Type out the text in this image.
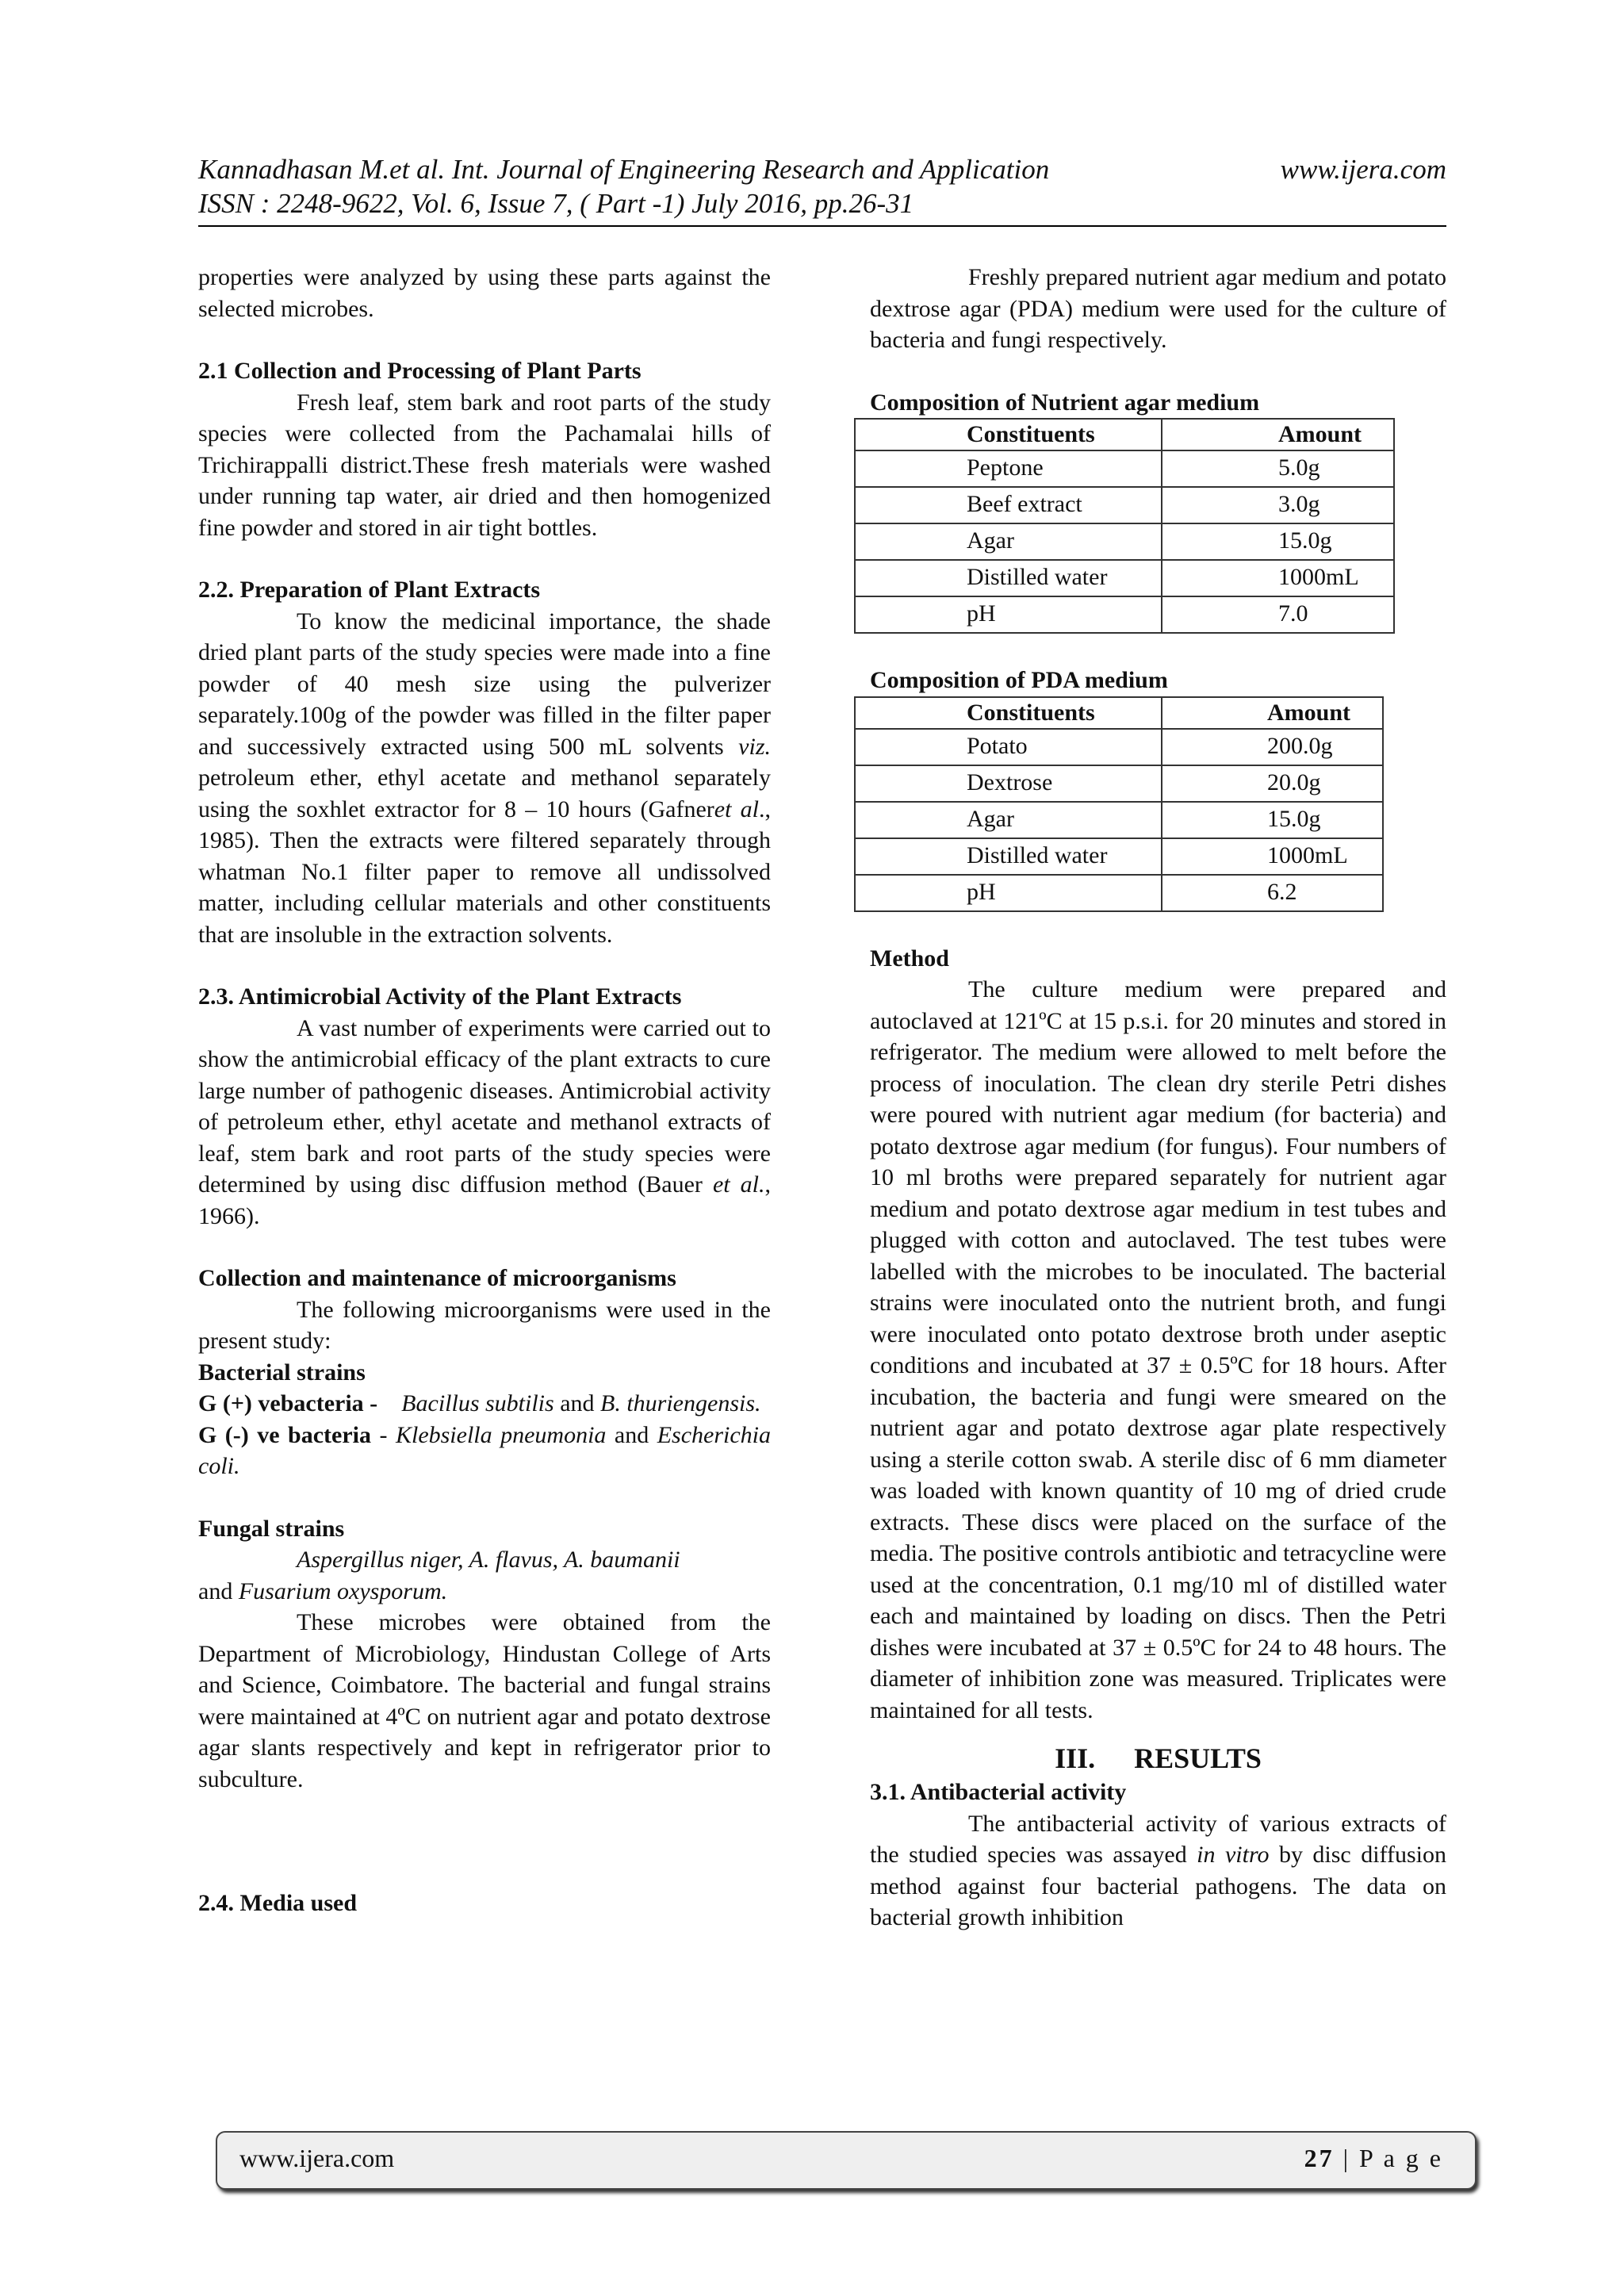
Kannadhasan M.et al. Int. Journal of Engineering Research and Application	www.ijera.com
ISSN : 2248-9622, Vol. 6, Issue 7, ( Part -1) July 2016, pp.26-31

properties were analyzed by using these parts against the selected microbes.

2.1 Collection and Processing of Plant Parts

Fresh leaf, stem bark and root parts of the study species were collected from the Pachamalai hills of Trichirappalli district.These fresh materials were washed under running tap water, air dried and then homogenized fine powder and stored in air tight bottles.

2.2. Preparation of Plant Extracts

To know the medicinal importance, the shade dried plant parts of the study species were made into a fine powder of 40 mesh size using the pulverizer separately.100g of the powder was filled in the filter paper and successively extracted using 500 mL solvents viz. petroleum ether, ethyl acetate and methanol separately using the soxhlet extractor for 8 – 10 hours (Gafneret al., 1985). Then the extracts were filtered separately through whatman No.1 filter paper to remove all undissolved matter, including cellular materials and other constituents that are insoluble in the extraction solvents.

2.3. Antimicrobial Activity of the Plant Extracts

A vast number of experiments were carried out to show the antimicrobial efficacy of the plant extracts to cure large number of pathogenic diseases. Antimicrobial activity of petroleum ether, ethyl acetate and methanol extracts of leaf, stem bark and root parts of the study species were determined by using disc diffusion method (Bauer et al., 1966).

Collection and maintenance of microorganisms

The following microorganisms were used in the present study:

Bacterial strains

G (+) vebacteria - Bacillus subtilis and B. thuriengensis.

G (-) ve bacteria - Klebsiella pneumonia and Escherichia coli.

Fungal strains

Aspergillus niger, A. flavus, A. baumanii

and Fusarium oxysporum.

These microbes were obtained from the Department of Microbiology, Hindustan College of Arts and Science, Coimbatore. The bacterial and fungal strains were maintained at 4ºC on nutrient agar and potato dextrose agar slants respectively and kept in refrigerator prior to subculture.

2.4. Media used

Freshly prepared nutrient agar medium and potato dextrose agar (PDA) medium were used for the culture of bacteria and fungi respectively.

Composition of Nutrient agar medium

Constituents	Amount
Peptone	5.0g
Beef extract	3.0g
Agar	15.0g
Distilled water	1000mL
pH	7.0

Composition of PDA medium

Constituents	Amount
Potato	200.0g
Dextrose	20.0g
Agar	15.0g
Distilled water	1000mL
pH	6.2

Method

The culture medium were prepared and autoclaved at 121ºC at 15 p.s.i. for 20 minutes and stored in refrigerator. The medium were allowed to melt before the process of inoculation. The clean dry sterile Petri dishes were poured with nutrient agar medium (for bacteria) and potato dextrose agar medium (for fungus). Four numbers of 10 ml broths were prepared separately for nutrient agar medium and potato dextrose agar medium in test tubes and plugged with cotton and autoclaved. The test tubes were labelled with the microbes to be inoculated. The bacterial strains were inoculated onto the nutrient broth, and fungi were inoculated onto potato dextrose broth under aseptic conditions and incubated at 37 ± 0.5ºC for 18 hours. After incubation, the bacteria and fungi were smeared on the nutrient agar and potato dextrose agar plate respectively using a sterile cotton swab. A sterile disc of 6 mm diameter was loaded with known quantity of 10 mg of dried crude extracts. These discs were placed on the surface of the media. The positive controls antibiotic and tetracycline were used at the concentration, 0.1 mg/10 ml of distilled water each and maintained by loading on discs. Then the Petri dishes were incubated at 37 ± 0.5ºC for 24 to 48 hours. The diameter of inhibition zone was measured. Triplicates were maintained for all tests.

III. RESULTS

3.1. Antibacterial activity

The antibacterial activity of various extracts of the studied species was assayed in vitro by disc diffusion method against four bacterial pathogens. The data on bacterial growth inhibition

www.ijera.com	27 | P a g e
